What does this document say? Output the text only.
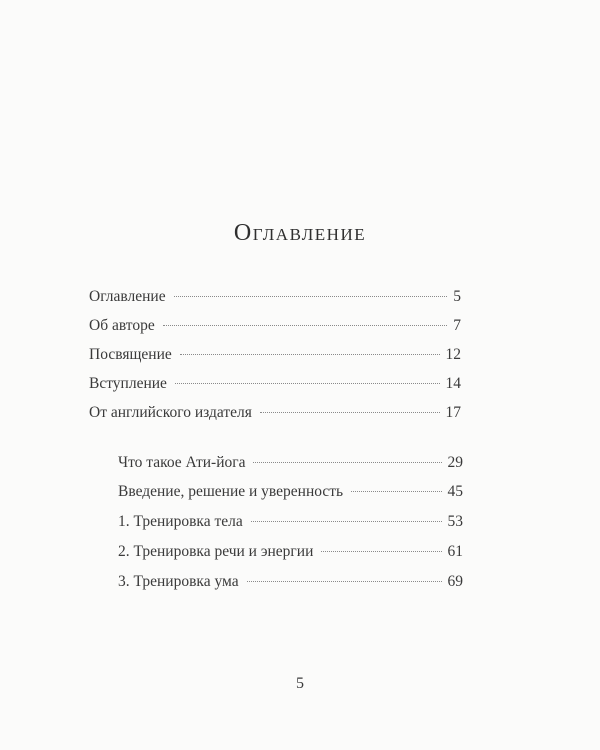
Оглавление
Оглавление	5
Об авторе	7
Посвящение	12
Вступление	14
От английского издателя	17
Что такое Ати-йога	29
Введение, решение и уверенность	45
1. Тренировка тела	53
2. Тренировка речи и энергии	61
3. Тренировка ума	69
5
